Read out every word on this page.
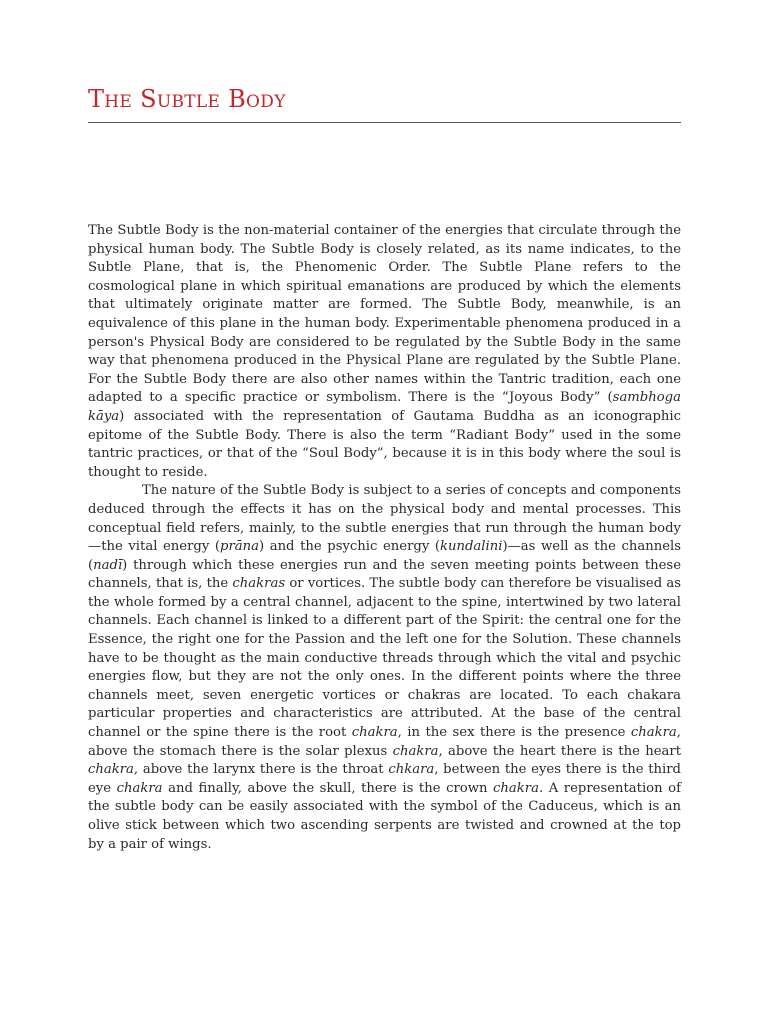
The Subtle Body

The Subtle Body is the non-material container of the energies that circulate through the physical human body. The Subtle Body is closely related, as its name indicates, to the Subtle Plane, that is, the Phenomenic Order. The Subtle Plane refers to the cosmological plane in which spiritual emanations are produced by which the elements that ultimately originate matter are formed. The Subtle Body, meanwhile, is an equivalence of this plane in the human body. Experimentable phenomena produced in a person's Physical Body are considered to be regulated by the Subtle Body in the same way that phenomena produced in the Physical Plane are regulated by the Subtle Plane. For the Subtle Body there are also other names within the Tantric tradition, each one adapted to a specific practice or symbolism. There is the “Joyous Body” (sambhoga kāya) associated with the representation of Gautama Buddha as an iconographic epitome of the Subtle Body. There is also the term “Radiant Body” used in the some tantric practices, or that of the “Soul Body”, because it is in this body where the soul is thought to reside.

The nature of the Subtle Body is subject to a series of concepts and components deduced through the effects it has on the physical body and mental processes. This conceptual field refers, mainly, to the subtle energies that run through the human body—the vital energy (prāna) and the psychic energy (kundalini)—as well as the channels (nadī) through which these energies run and the seven meeting points between these channels, that is, the chakras or vortices. The subtle body can therefore be visualised as the whole formed by a central channel, adjacent to the spine, intertwined by two lateral channels. Each channel is linked to a different part of the Spirit: the central one for the Essence, the right one for the Passion and the left one for the Solution. These channels have to be thought as the main conductive threads through which the vital and psychic energies flow, but they are not the only ones. In the different points where the three channels meet, seven energetic vortices or chakras are located. To each chakara particular properties and characteristics are attributed. At the base of the central channel or the spine there is the root chakra, in the sex there is the presence chakra, above the stomach there is the solar plexus chakra, above the heart there is the heart chakra, above the larynx there is the throat chkara, between the eyes there is the third eye chakra and finally, above the skull, there is the crown chakra. A representation of the subtle body can be easily associated with the symbol of the Caduceus, which is an olive stick between which two ascending serpents are twisted and crowned at the top by a pair of wings.
